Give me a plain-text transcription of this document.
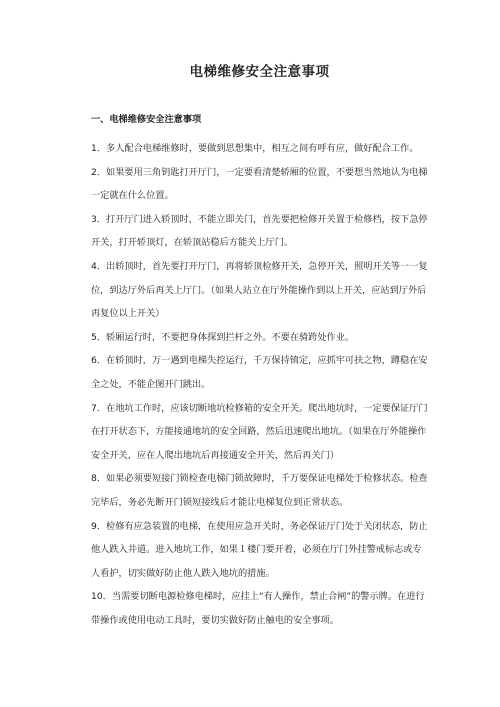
电梯维修安全注意事项
一、电梯维修安全注意事项
1．多人配合电梯维修时，要做到思想集中，相互之间有呼有应，做好配合工作。
2．如果要用三角钥匙打开厅门，一定要看清楚轿厢的位置，不要想当然地认为电梯一定就在什么位置。
3．打开厅门进入轿顶时，不能立即关门，首先要把检修开关置于检修档，按下急停开关，打开轿顶灯，在轿顶站稳后方能关上厅门。
4．出轿顶时，首先要打开厅门，再将轿顶检修开关，急停开关，照明开关等一一复位，到达厅外后再关上厅门。（如果人站立在厅外能操作到以上开关，应站到厅外后再复位以上开关）
5．轿厢运行时，不要把身体探到拦杆之外。不要在骑跨处作业。
6．在轿顶时，万一遇到电梯失控运行，千万保持镇定，应抓牢可扶之物，蹲稳在安全之处，不能企图开门跳出。
7．在地坑工作时，应该切断地坑检修箱的安全开关。爬出地坑时，一定要保证厅门在打开状态下，方能接通地坑的安全回路，然后迅速爬出地坑。（如果在厅外能操作安全开关，应在人爬出地坑后再接通安全开关，然后再关门）
8．如果必须要短接门锁检查电梯门锁故障时，千万要保证电梯处于检修状态。检查完毕后，务必先断开门锁短接线后才能让电梯复位到正常状态。
9．检修有应急装置的电梯，在使用应急开关时，务必保证厅门处于关闭状态，防止他人跌入井道。进入地坑工作，如果１楼门要开着，必须在厅门外挂警戒标志或专人看护，切实做好防止他人跌入地坑的措施。
10．当需要切断电源检修电梯时，应挂上“有人操作，禁止合闸”的警示牌。在进行带操作或使用电动工具时，要切实做好防止触电的安全事项。
